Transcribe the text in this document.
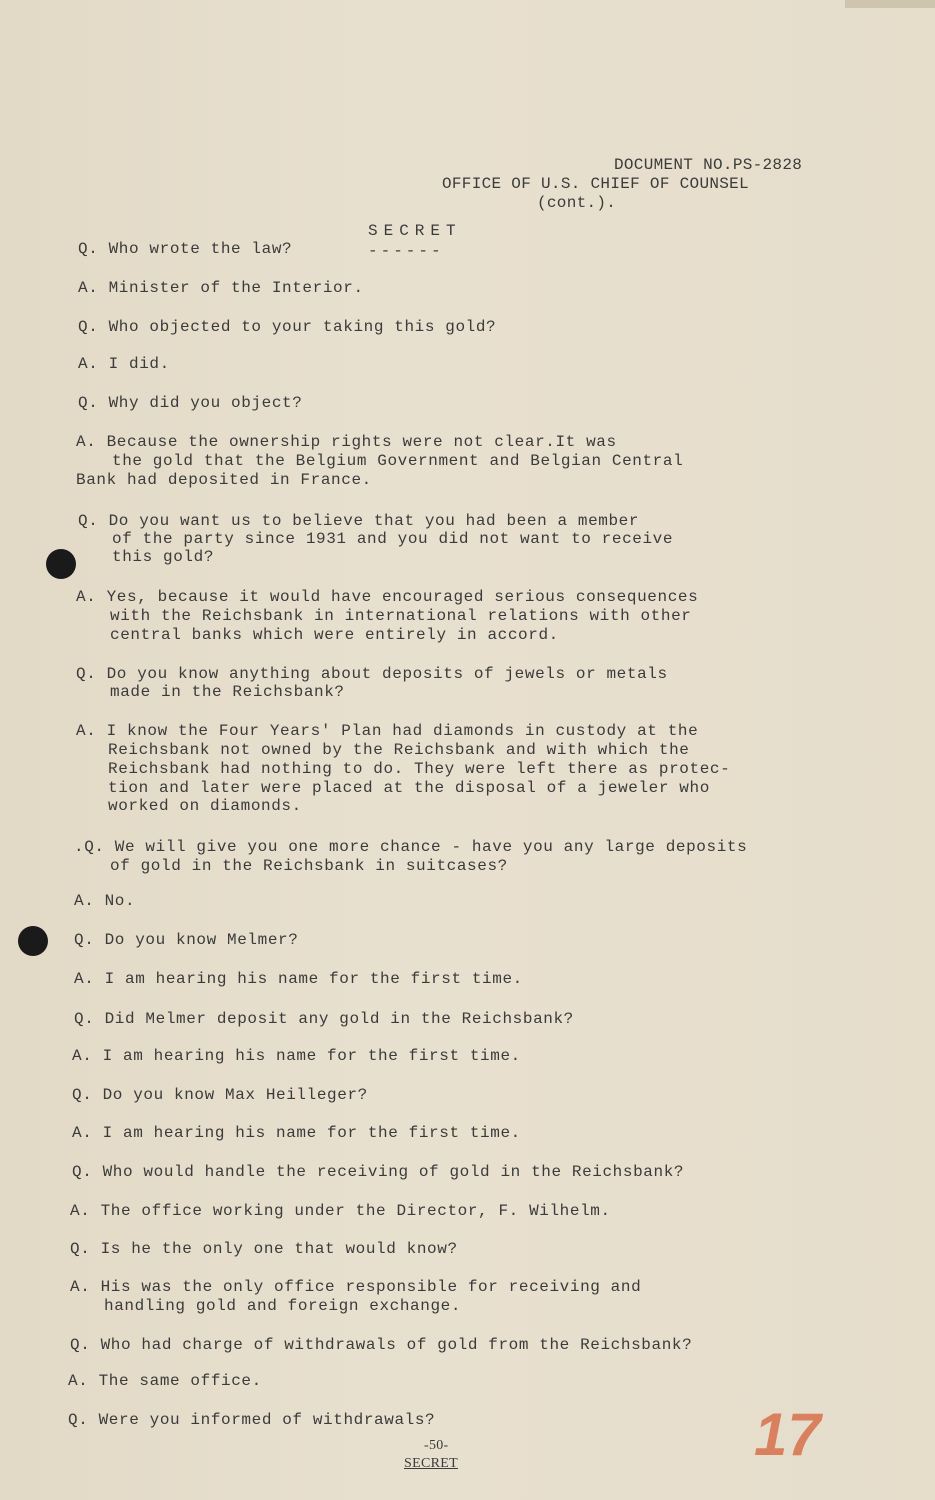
DOCUMENT NO.PS-2828
OFFICE OF U.S. CHIEF OF COUNSEL
(cont.).
SECRET
------
Q. Who wrote the law?
A. Minister of the Interior.
Q. Who objected to your taking this gold?
A. I did.
Q. Why did you object?
A. Because the ownership rights were not clear.It was
the gold that the Belgium Government and Belgian Central
Bank had deposited in France.
Q. Do you want us to believe that you had been a member
of the party since 1931 and you did not want to receive
this gold?
A. Yes, because it would have encouraged serious consequences
with the Reichsbank in international relations with other
central banks which were entirely in accord.
Q. Do you know anything about deposits of jewels or metals
made in the Reichsbank?
A. I know the Four Years' Plan had diamonds in custody at the
Reichsbank not owned by the Reichsbank and with which the
Reichsbank had nothing to do. They were left there as protec-
tion and later were placed at the disposal of a jeweler who
worked on diamonds.
.Q. We will give you one more chance - have you any large deposits
of gold in the Reichsbank in suitcases?
A. No.
Q. Do you know Melmer?
A. I am hearing his name for the first time.
Q. Did Melmer deposit any gold in the Reichsbank?
A. I am hearing his name for the first time.
Q. Do you know Max Heilleger?
A. I am hearing his name for the first time.
Q. Who would handle the receiving of gold in the Reichsbank?
A. The office working under the Director, F. Wilhelm.
Q. Is he the only one that would know?
A. His was the only office responsible for receiving and
handling gold and foreign exchange.
Q. Who had charge of withdrawals of gold from the Reichsbank?
A. The same office.
Q. Were you informed of withdrawals?
-50-
SECRET	17
